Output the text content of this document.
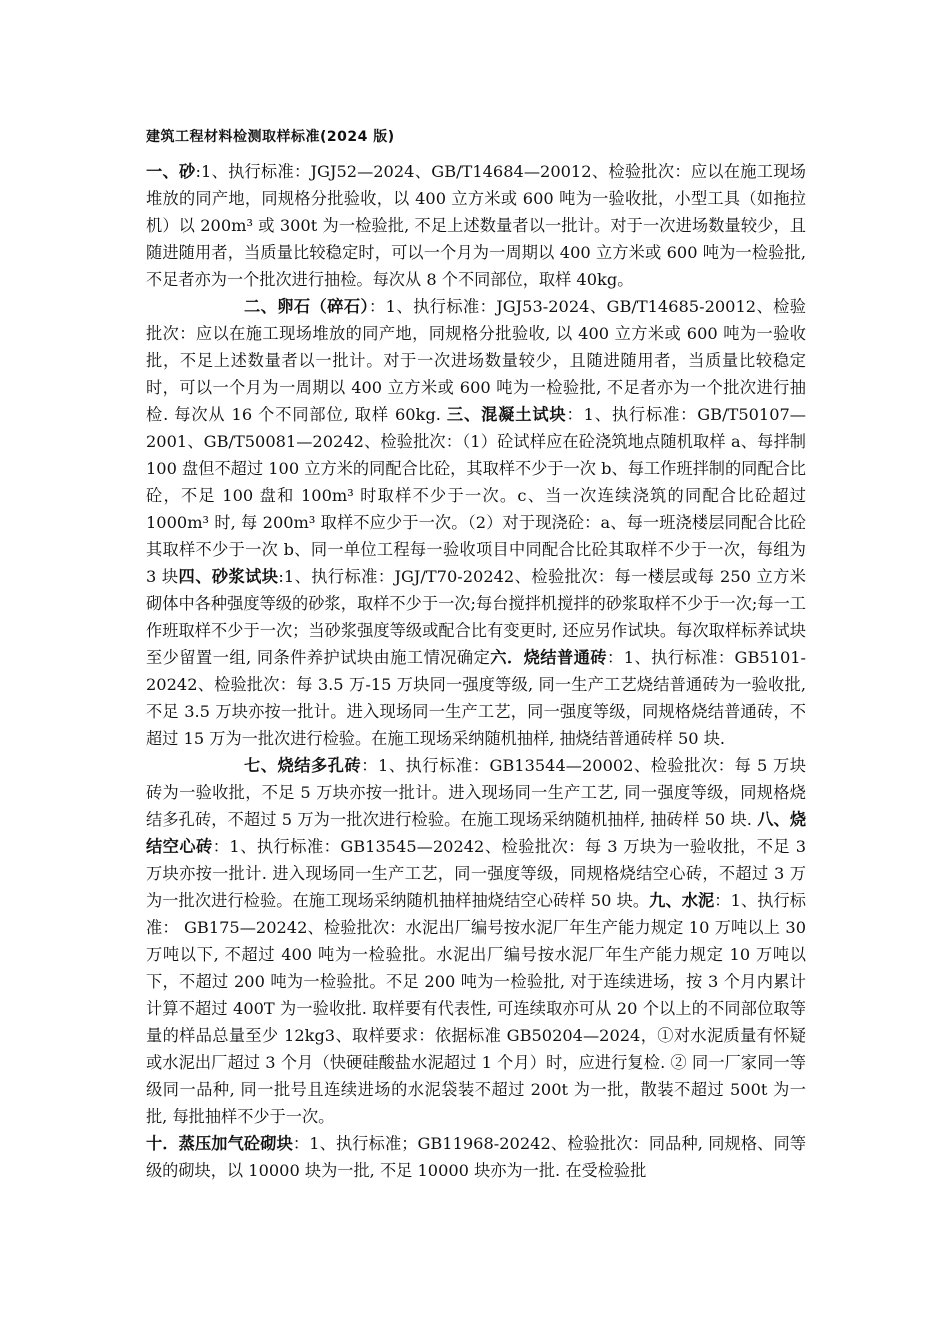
建筑工程材料检测取样标准(2024 版)

一、砂:1、执行标准：JGJ52—2024、GB/T14684—20012、检验批次：应以在施工现场堆放的同产地，同规格分批验收，以 400 立方米或 600 吨为一验收批，小型工具（如拖拉机）以 200m³ 或 300t 为一检验批, 不足上述数量者以一批计。对于一次进场数量较少，且随进随用者，当质量比较稳定时，可以一个月为一周期以 400 立方米或 600 吨为一检验批, 不足者亦为一个批次进行抽检。每次从 8 个不同部位，取样 40kg。

二、卵石（碎石）：1、执行标准：JGJ53-2024、GB/T14685-20012、检验批次：应以在施工现场堆放的同产地，同规格分批验收, 以 400 立方米或 600 吨为一验收批，不足上述数量者以一批计。对于一次进场数量较少，且随进随用者，当质量比较稳定时，可以一个月为一周期以 400 立方米或 600 吨为一检验批, 不足者亦为一个批次进行抽检. 每次从 16 个不同部位, 取样 60kg. 三、混凝土试块：1、执行标准：GB/T50107—2001、GB/T50081—20242、检验批次：（1）砼试样应在砼浇筑地点随机取样 a、每拌制 100 盘但不超过 100 立方米的同配合比砼，其取样不少于一次 b、每工作班拌制的同配合比砼，不足 100 盘和 100m³ 时取样不少于一次。c、当一次连续浇筑的同配合比砼超过 1000m³ 时, 每 200m³ 取样不应少于一次。（2）对于现浇砼：a、每一班浇楼层同配合比砼其取样不少于一次 b、同一单位工程每一验收项目中同配合比砼其取样不少于一次，每组为 3 块四、砂浆试块:1、执行标准：JGJ/T70-20242、检验批次：每一楼层或每 250 立方米砌体中各种强度等级的砂浆，取样不少于一次;每台搅拌机搅拌的砂浆取样不少于一次;每一工作班取样不少于一次；当砂浆强度等级或配合比有变更时, 还应另作试块。每次取样标养试块至少留置一组, 同条件养护试块由施工情况确定六．烧结普通砖：1、执行标准：GB5101-20242、检验批次：每 3.5 万-15 万块同一强度等级, 同一生产工艺烧结普通砖为一验收批, 不足 3.5 万块亦按一批计。进入现场同一生产工艺，同一强度等级，同规格烧结普通砖，不超过 15 万为一批次进行检验。在施工现场采纳随机抽样, 抽烧结普通砖样 50 块.

七、烧结多孔砖：1、执行标准：GB13544—20002、检验批次：每 5 万块砖为一验收批，不足 5 万块亦按一批计。进入现场同一生产工艺, 同一强度等级，同规格烧结多孔砖，不超过 5 万为一批次进行检验。在施工现场采纳随机抽样, 抽砖样 50 块. 八、烧结空心砖：1、执行标准：GB13545—20242、检验批次：每 3 万块为一验收批，不足 3 万块亦按一批计. 进入现场同一生产工艺，同一强度等级，同规格烧结空心砖，不超过 3 万为一批次进行检验。在施工现场采纳随机抽样抽烧结空心砖样 50 块。九、水泥：1、执行标准： GB175—20242、检验批次：水泥出厂编号按水泥厂年生产能力规定 10 万吨以上 30 万吨以下, 不超过 400 吨为一检验批。水泥出厂编号按水泥厂年生产能力规定 10 万吨以下，不超过 200 吨为一检验批。不足 200 吨为一检验批, 对于连续进场，按 3 个月内累计计算不超过 400T 为一验收批. 取样要有代表性, 可连续取亦可从 20 个以上的不同部位取等量的样品总量至少 12kg3、取样要求：依据标准 GB50204—2024，①对水泥质量有怀疑或水泥出厂超过 3 个月（快硬硅酸盐水泥超过 1 个月）时，应进行复检. ② 同一厂家同一等级同一品种, 同一批号且连续进场的水泥袋装不超过 200t 为一批，散装不超过 500t 为一批, 每批抽样不少于一次。

十．蒸压加气砼砌块：1、执行标准；GB11968-20242、检验批次：同品种, 同规格、同等级的砌块，以 10000 块为一批, 不足 10000 块亦为一批. 在受检验批
